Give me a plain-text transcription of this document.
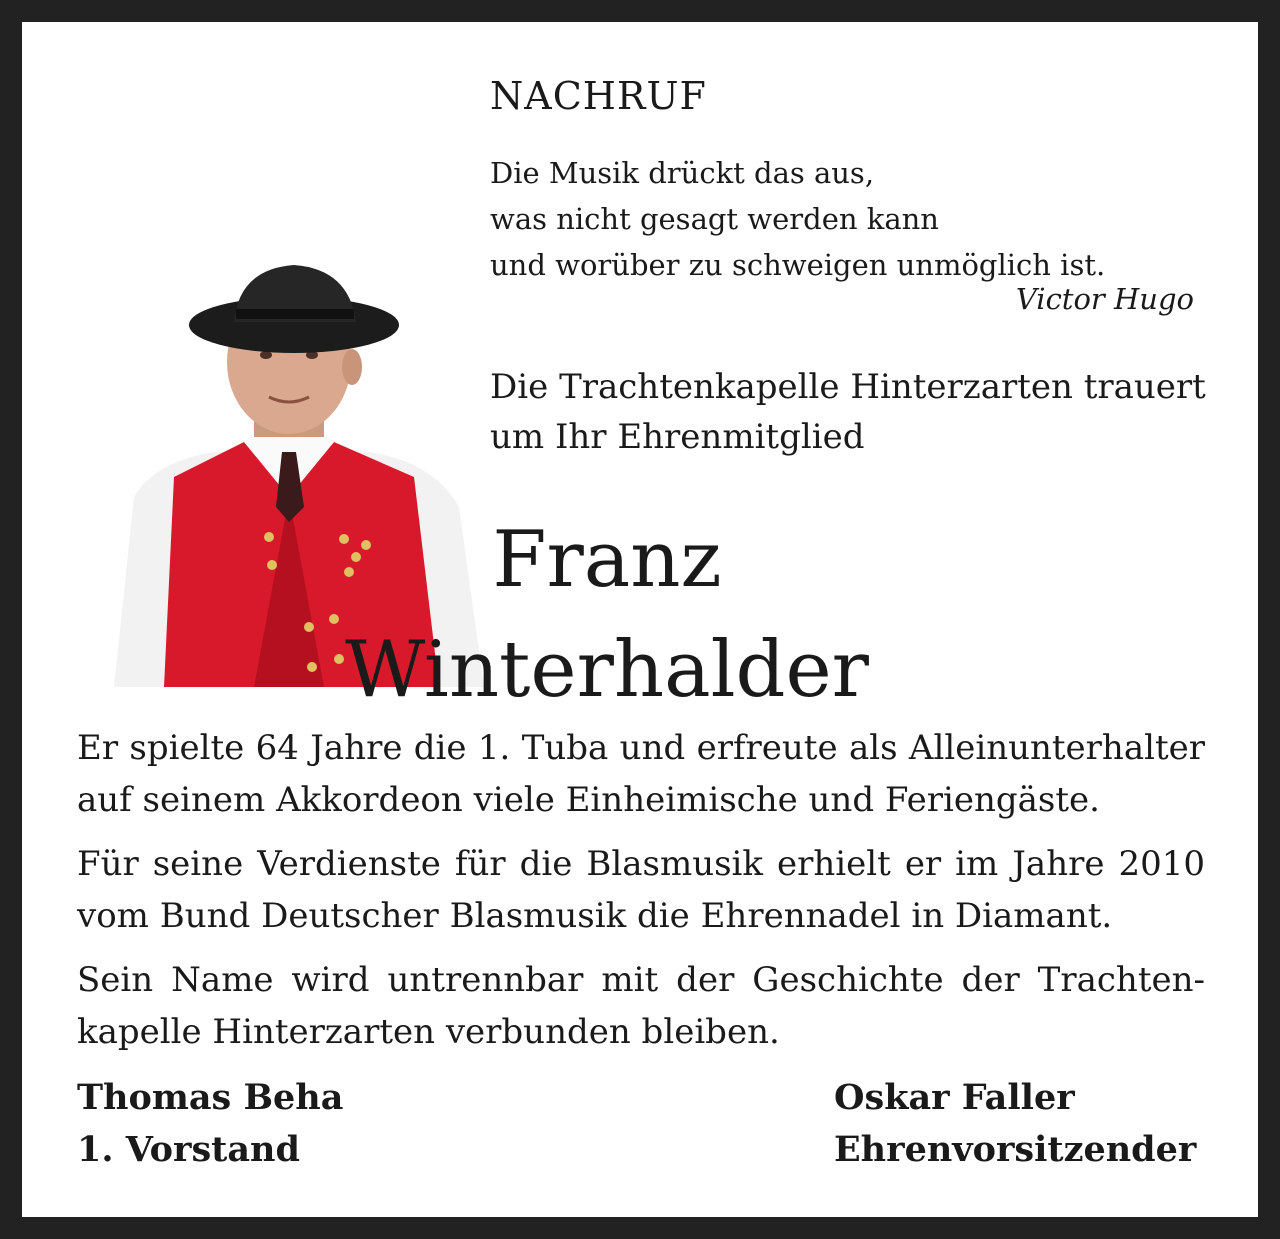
NACHRUF
Die Musik drückt das aus,
was nicht gesagt werden kann
und worüber zu schweigen unmöglich ist.
Victor Hugo
Die Trachtenkapelle Hinterzarten trauert
um Ihr Ehrenmitglied
Franz
Winterhalder
Er spielte 64 Jahre die 1. Tuba und erfreute als Alleinunterhalter auf seinem Akkordeon viele Einheimische und Feriengäste.
Für seine Verdienste für die Blasmusik erhielt er im Jahre 2010 vom Bund Deutscher Blasmusik die Ehrennadel in Diamant.
Sein Name wird untrennbar mit der Geschichte der Trachten-kapelle Hinterzarten verbunden bleiben.
Thomas Beha
1. Vorstand
Oskar Faller
Ehrenvorsitzender
